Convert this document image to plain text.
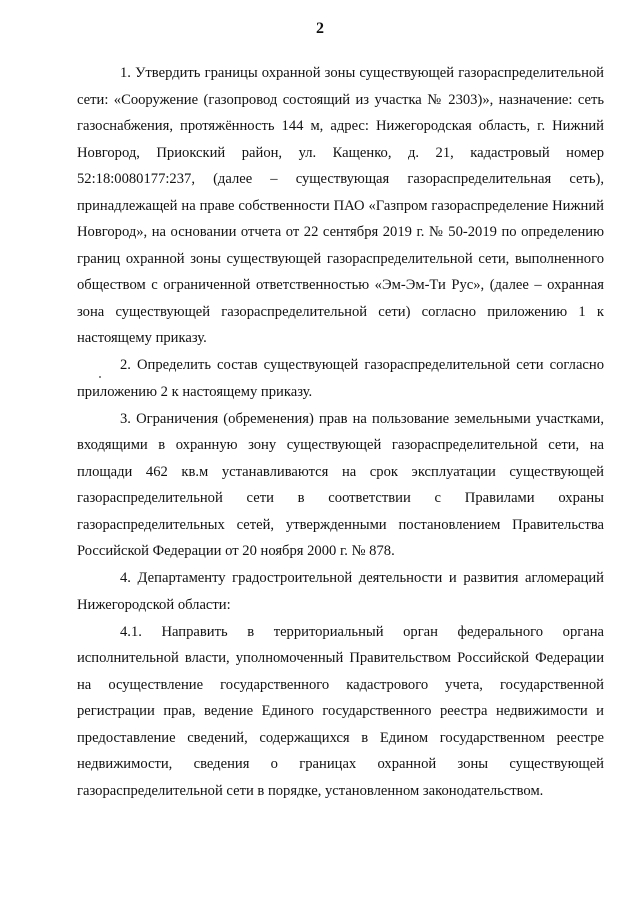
2

1. Утвердить границы охранной зоны существующей газораспределительной сети: «Сооружение (газопровод состоящий из участка № 2303)», назначение: сеть газоснабжения, протяжённость 144 м, адрес: Нижегородская область, г. Нижний Новгород, Приокский район, ул. Кащенко, д. 21, кадастровый номер 52:18:0080177:237, (далее – существующая газораспределительная сеть), принадлежащей на праве собственности ПАО «Газпром газораспределение Нижний Новгород», на основании отчета от 22 сентября 2019 г. № 50-2019 по определению границ охранной зоны существующей газораспределительной сети, выполненного обществом с ограниченной ответственностью «Эм-Эм-Ти Рус», (далее – охранная зона существующей газораспределительной сети) согласно приложению 1 к настоящему приказу.

2. Определить состав существующей газораспределительной сети согласно приложению 2 к настоящему приказу.

3. Ограничения (обременения) прав на пользование земельными участками, входящими в охранную зону существующей газораспределительной сети, на площади 462 кв.м устанавливаются на срок эксплуатации существующей газораспределительной сети в соответствии с Правилами охраны газораспределительных сетей, утвержденными постановлением Правительства Российской Федерации от 20 ноября 2000 г. № 878.

4. Департаменту градостроительной деятельности и развития агломераций Нижегородской области:

4.1. Направить в территориальный орган федерального органа исполнительной власти, уполномоченный Правительством Российской Федерации на осуществление государственного кадастрового учета, государственной регистрации прав, ведение Единого государственного реестра недвижимости и предоставление сведений, содержащихся в Едином государственном реестре недвижимости, сведения о границах охранной зоны существующей газораспределительной сети в порядке, установленном законодательством.
